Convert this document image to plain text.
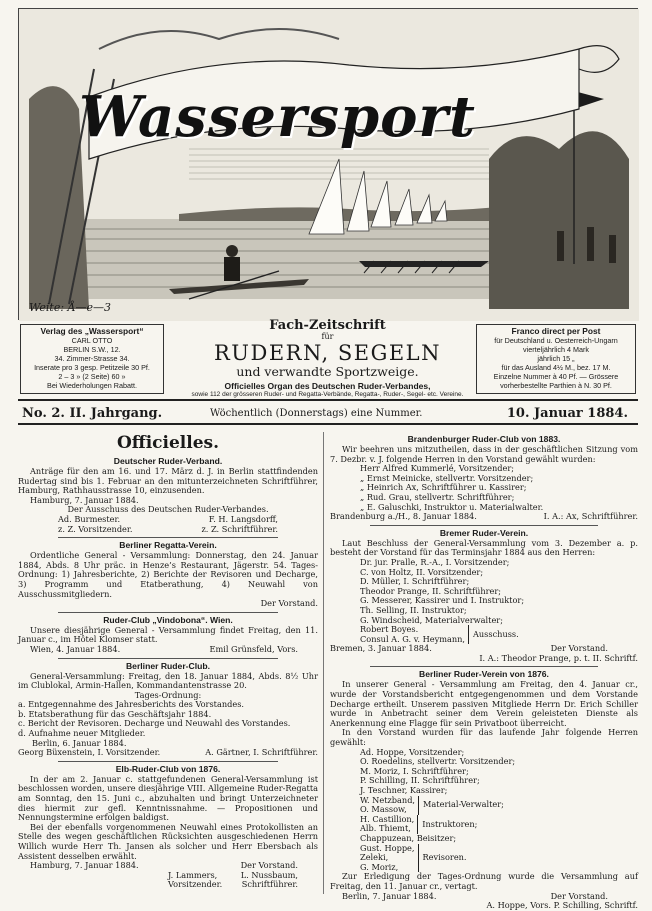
Wassersport
Weite: Å—e—3
Verlag des „Wassersport“
CARL OTTO
BERLIN S.W., 12.
34. Zimmer-Strasse 34.
Inserate pro 3 gesp. Petitzeile 30 Pf.
2 – 3 » (2 Seite) 60 »
Bei Wiederholungen Rabatt.
Franco direct per Post
für Deutschland u. Oesterreich-Ungarn
vierteljährlich 4 Mark
jährlich 15 „
für das Ausland 4½ M., bez. 17 M.
Einzelne Nummer à 40 Pf. — Grössere
vorherbestellte Parthien à N. 30 Pf.
Fach-Zeitschrift
für
RUDERN, SEGELN
und verwandte Sportzweige.
Officielles Organ des Deutschen Ruder-Verbandes,
sowie 112 der grösseren Ruder- und Regatta-Verbände, Regatta-, Ruder-, Segel- etc. Vereine.
No. 2. II. Jahrgang.	Wöchentlich (Donnerstags) eine Nummer.	10. Januar 1884.
Officielles.
Deutscher Ruder-Verband.

Anträge für den am 16. und 17. März d. J. in Berlin stattfindenden Rudertag sind bis 1. Februar an den mitunterzeichneten Schriftführer, Hamburg, Rathhausstrasse 10, einzusenden.

Hamburg, 7. Januar 1884.

Der Ausschuss des Deutschen Ruder-Verbandes.
Ad. Burmester.	F. H. Langsdorff,
z. Z. Vorsitzender.	z. Z. Schriftführer.
Berliner Regatta-Verein.

Ordentliche General - Versammlung: Donnerstag, den 24. Januar 1884, Abds. 8 Uhr präc. in Henze’s Restaurant, Jägerstr. 54. Tages-Ordnung: 1) Jahresberichte, 2) Berichte der Revisoren und Decharge, 3) Programm und Etatberathung, 4) Neuwahl von Ausschussmitgliedern.

Der Vorstand.
Ruder-Club „Vindobona“. Wien.

Unsere diesjährige General - Versammlung findet Freitag, den 11. Januar c., im Hôtel Klomser statt.

Wien, 4. Januar 1884.	Emil Grünsfeld, Vors.
Berliner Ruder-Club.

General-Versammlung: Freitag, den 18. Januar 1884, Abds. 8½ Uhr im Clublokal, Armin-Hallen, Kommandantenstrasse 20.

Tages-Ordnung:
a. Entgegennahme des Jahresberichts des Vorstandes.
b. Etatsberathung für das Geschäftsjahr 1884.
c. Bericht der Revisoren. Decharge und Neuwahl des Vorstandes.
d. Aufnahme neuer Mitglieder.
Berlin, 6. Januar 1884.
Georg Büxenstein, I. Vorsitzender.	A. Gärtner, I. Schriftführer.
Elb-Ruder-Club von 1876.

In der am 2. Januar c. stattgefundenen General-Versammlung ist beschlossen worden, unsere diesjährige VIII. Allgemeine Ruder-Regatta am Sonntag, den 15. Juni c., abzuhalten und bringt Unterzeichneter dies hiermit zur gefl. Kenntnissnahme. — Propositionen und Nennungstermine erfolgen baldigst.

Bei der ebenfalls vorgenommenen Neuwahl eines Protokollisten an Stelle des wegen geschäftlichen Rücksichten ausgeschiedenen Herrn Willich wurde Herr Th. Jansen als solcher und Herr Ebersbach als Assistent desselben erwählt.

Hamburg, 7. Januar 1884.	Der Vorstand.
J. Lammers,	L. Nussbaum,
Vorsitzender. Schriftführer.
Brandenburger Ruder-Club von 1883.

Wir beehren uns mitzutheilen, dass in der geschäftlichen Sitzung vom 7. Dezbr. v. J. folgende Herren in den Vorstand gewählt wurden:

Herr Alfred Kummerlé, Vorsitzender;
„ Ernst Meinicke, stellvertr. Vorsitzender;
„ Heinrich Ax, Schriftführer u. Kassirer;
„ Rud. Grau, stellvertr. Schriftführer;
„ E. Galuschki, Instruktor u. Materialwalter.
Brandenburg a./H., 8. Januar 1884.	I. A.: Ax, Schriftführer.
Bremer Ruder-Verein.

Laut Beschluss der General-Versammlung vom 3. Dezember a. p. besteht der Vorstand für das Terminsjahr 1884 aus den Herren:

Dr. jur. Pralle, R.-A., I. Vorsitzender;
C. von Holtz, II. Vorsitzender;
D. Müller, I. Schriftführer;
Theodor Prange, II. Schriftführer;
G. Messerer, Kassirer und I. Instruktor;
Th. Selling, II. Instruktor;
G. Windscheid, Materialverwalter;
Robert Boyes.
Consul A. G. v. Heymann, Ausschuss.
Bremen, 3. Januar 1884.	Der Vorstand.
I. A.: Theodor Prange, p. t. II. Schriftf.
Berliner Ruder-Verein von 1876.

In unserer General - Versammlung am Freitag, den 4. Januar cr., wurde der Vorstandsbericht entgegengenommen und dem Vorstande Decharge ertheilt. Unserem passiven Mitgliede Herrn Dr. Erich Schiller wurde in Anbetracht seiner dem Verein geleisteten Dienste als Anerkennung eine Flagge für sein Privatboot überreicht.

In den Vorstand wurden für das laufende Jahr folgende Herren gewählt:

Ad. Hoppe, Vorsitzender;
O. Roedelins, stellvertr. Vorsitzender;
M. Moriz, I. Schriftführer;
P. Schilling, II. Schriftführer;
J. Teschner, Kassirer;
W. Netzband,
O. Massow,	Material-Verwalter;
H. Castillion,
Alb. Thiemt,	Instruktoren;
Chappuzean, Beisitzer;
Gust. Hoppe,
Zeleki,
G. Moriz,
Revisoren.

Zur Erledigung der Tages-Ordnung wurde die Versammlung auf Freitag, den 11. Januar cr., vertagt.

Berlin, 7. Januar 1884.	Der Vorstand.
A. Hoppe, Vors. P. Schilling, Schriftf.
